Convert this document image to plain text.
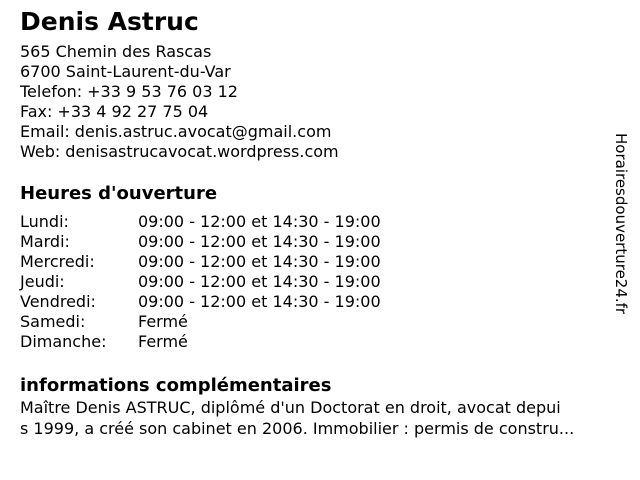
Denis Astruc
565 Chemin des Rascas
6700 Saint-Laurent-du-Var
Telefon: +33 9 53 76 03 12
Fax: +33 4 92 27 75 04
Email: denis.astruc.avocat@gmail.com
Web: denisastrucavocat.wordpress.com
Heures d'ouverture
Lundi:	09:00 - 12:00 et 14:30 - 19:00
Mardi:	09:00 - 12:00 et 14:30 - 19:00
Mercredi:	09:00 - 12:00 et 14:30 - 19:00
Jeudi:	09:00 - 12:00 et 14:30 - 19:00
Vendredi:	09:00 - 12:00 et 14:30 - 19:00
Samedi:	Fermé
Dimanche:	Fermé
informations complémentaires
Maître Denis ASTRUC, diplômé d'un Doctorat en droit, avocat depui
s 1999, a créé son cabinet en 2006. Immobilier : permis de constru...
Horairesdouverture24.fr
